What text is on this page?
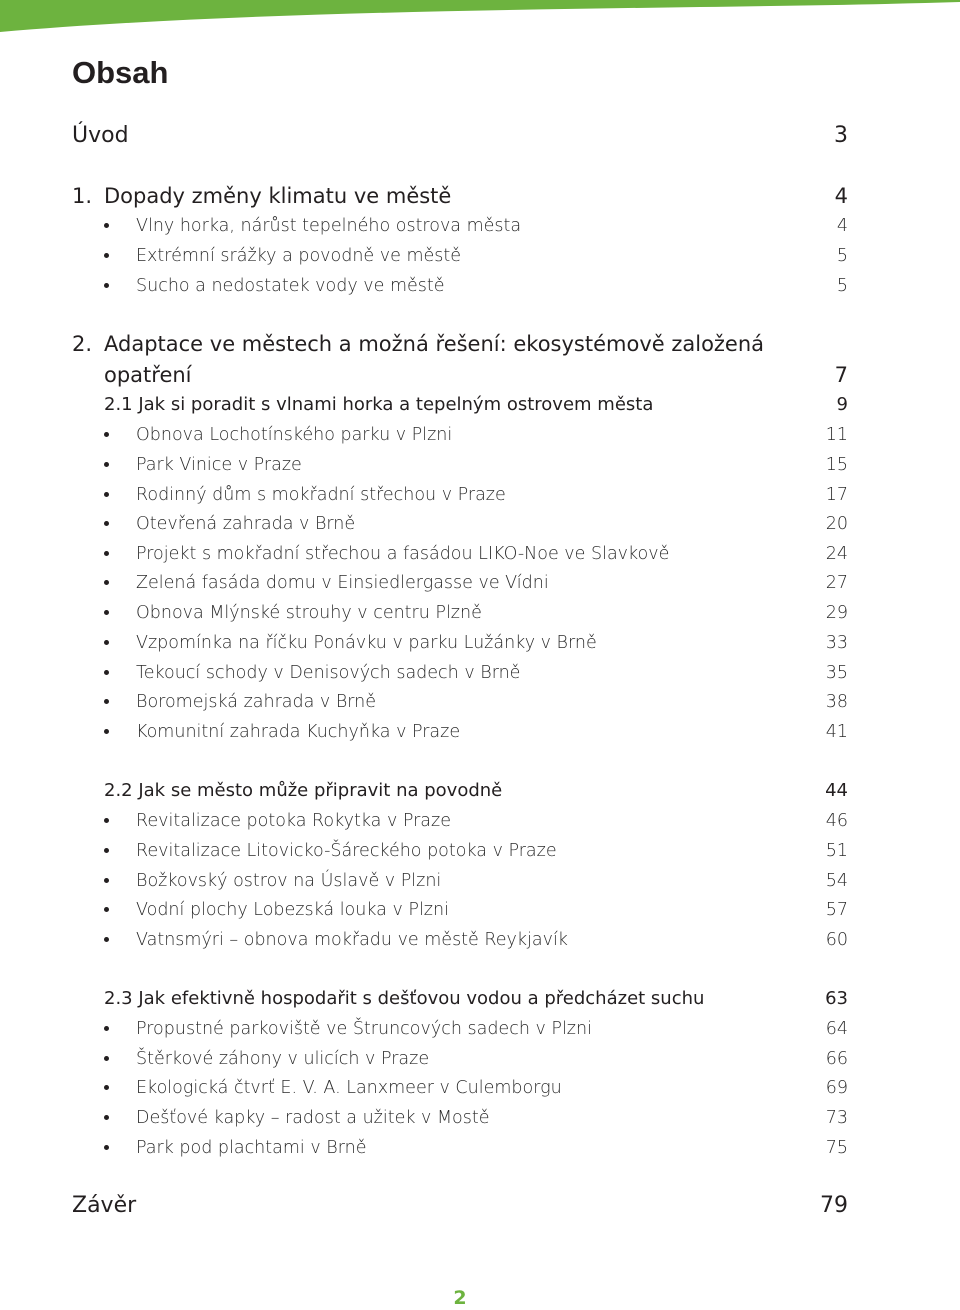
Obsah
Úvod	3
1. Dopady změny klimatu ve městě	4
Vlny horka, nárůst tepelného ostrova města	4
Extrémní srážky a povodně ve městě	5
Sucho a nedostatek vody ve městě	5
2. Adaptace ve městech a možná řešení: ekosystémově založená
opatření	7
2.1 Jak si poradit s vlnami horka a tepelným ostrovem města	9
Obnova Lochotínského parku v Plzni	11
Park Vinice v Praze	15
Rodinný dům s mokřadní střechou v Praze	17
Otevřená zahrada v Brně	20
Projekt s mokřadní střechou a fasádou LIKO-Noe ve Slavkově	24
Zelená fasáda domu v Einsiedlergasse ve Vídni	27
Obnova Mlýnské strouhy v centru Plzně	29
Vzpomínka na říčku Ponávku v parku Lužánky v Brně	33
Tekoucí schody v Denisových sadech v Brně	35
Boromejská zahrada v Brně	38
Komunitní zahrada Kuchyňka v Praze	41
2.2 Jak se město může připravit na povodně	44
Revitalizace potoka Rokytka v Praze	46
Revitalizace Litovicko-Šáreckého potoka v Praze	51
Božkovský ostrov na Úslavě v Plzni	54
Vodní plochy Lobezská louka v Plzni	57
Vatnsmýri – obnova mokřadu ve městě Reykjavík	60
2.3 Jak efektivně hospodařit s dešťovou vodou a předcházet suchu	63
Propustné parkoviště ve Štruncových sadech v Plzni	64
Štěrkové záhony v ulicích v Praze	66
Ekologická čtvrť E. V. A. Lanxmeer v Culemborgu	69
Dešťové kapky – radost a užitek v Mostě	73
Park pod plachtami v Brně	75
Závěr	79
2
